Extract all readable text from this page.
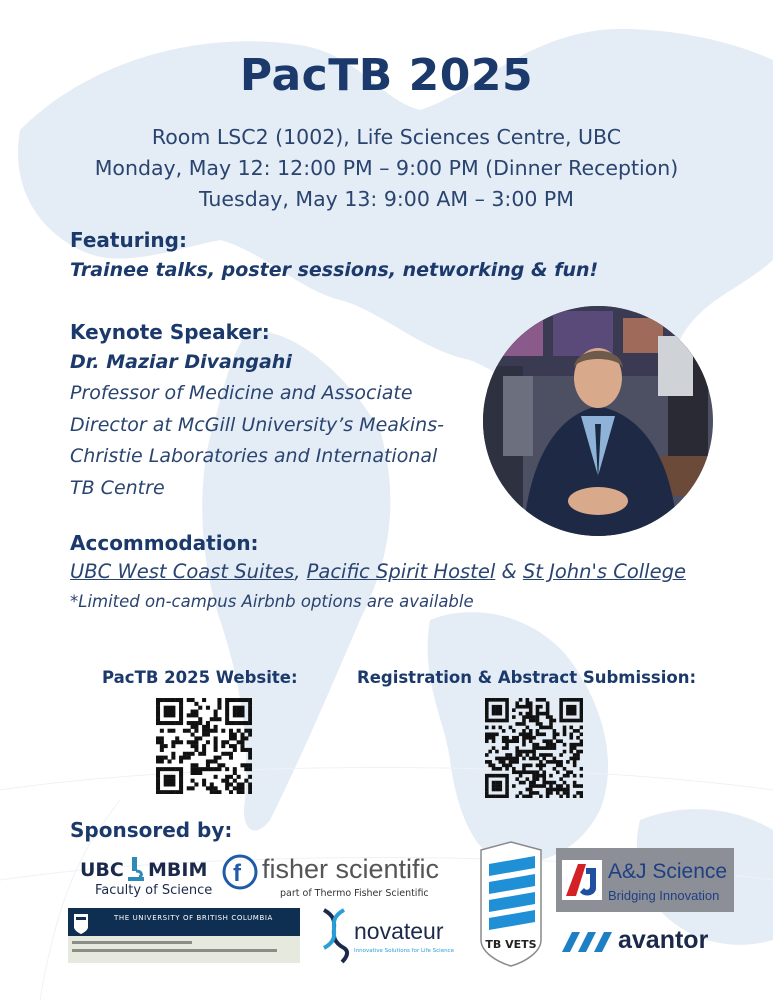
PacTB 2025
Room LSC2 (1002), Life Sciences Centre, UBC
Monday, May 12: 12:00 PM – 9:00 PM (Dinner Reception)
Tuesday, May 13: 9:00 AM – 3:00 PM
Featuring:
Trainee talks, poster sessions, networking & fun!
Keynote Speaker:
Dr. Maziar Divangahi
Professor of Medicine and Associate
Director at McGill University’s Meakins-
Christie Laboratories and International
TB Centre
Accommodation:
UBC West Coast Suites, Pacific Spirit Hostel & St John's College
*Limited on-campus Airbnb options are available
PacTB 2025 Website:	Registration & Abstract Submission:
Sponsored by:
UBC MBIM
Faculty of Science
f fisher scientific
part of Thermo Fisher Scientific
TB VETS
A&J Science
Bridging Innovation
THE UNIVERSITY OF BRITISH COLUMBIA	novateur
Innovative Solutions for Life Science	avantor
